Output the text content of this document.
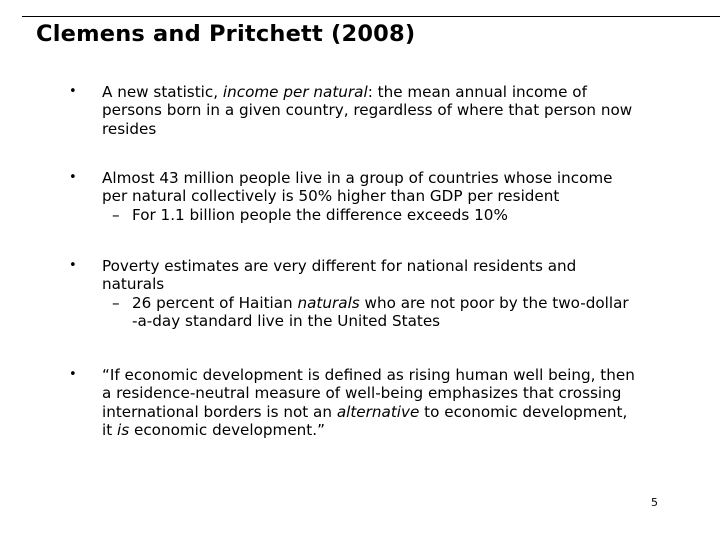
Clemens and Pritchett (2008)
• A new statistic, income per natural: the mean annual income of
persons born in a given country, regardless of where that person now
resides
• Almost 43 million people live in a group of countries whose income
per natural collectively is 50% higher than GDP per resident
– For 1.1 billion people the difference exceeds 10%
• Poverty estimates are very different for national residents and
naturals
– 26 percent of Haitian naturals who are not poor by the two-dollar
-a-day standard live in the United States
• “If economic development is defined as rising human well being, then
a residence-neutral measure of well-being emphasizes that crossing
international borders is not an alternative to economic development,
it is economic development.”
5
